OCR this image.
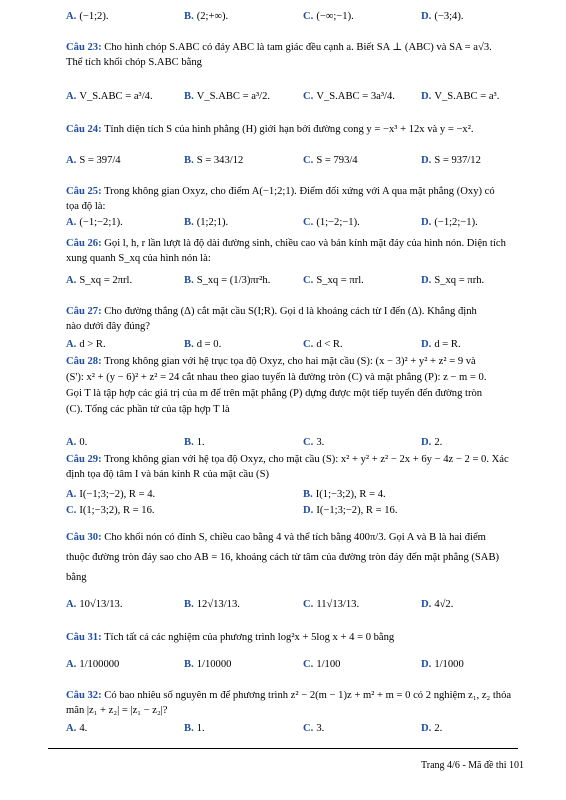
A. (−1;2).	B. (2;+∞).	C. (−∞;−1).	D. (−3;4).
Câu 23: Cho hình chóp S.ABC có đáy ABC là tam giác đều cạnh a. Biết SA ⊥ (ABC) và SA = a√3.
Thể tích khối chóp S.ABC bằng
A. V_S.ABC = a³/4.	B. V_S.ABC = a³/2.	C. V_S.ABC = 3a³/4. D. V_S.ABC = a³.
Câu 24: Tính diện tích S của hình phẳng (H) giới hạn bởi đường cong y = −x³ + 12x và y = −x².
A. S = 397/4	B. S = 343/12	C. S = 793/4	D. S = 937/12
Câu 25: Trong không gian Oxyz, cho điểm A(−1;2;1). Điểm đối xứng với A qua mặt phẳng (Oxy) có
tọa độ là:
A. (−1;−2;1).	B. (1;2;1).	C. (1;−2;−1).	D. (−1;2;−1).
Câu 26: Gọi l, h, r lần lượt là độ dài đường sinh, chiều cao và bán kính mặt đáy của hình nón. Diện tích
xung quanh S_xq của hình nón là:
A. S_xq = 2πrl.	B. S_xq = (1/3)πr²h.	C. S_xq = πrl.	D. S_xq = πrh.
Câu 27: Cho đường thẳng (Δ) cắt mặt cầu S(I;R). Gọi d là khoảng cách từ I đến (Δ). Khẳng định
nào dưới đây đúng?
A. d > R.	B. d = 0.	C. d < R.	D. d = R.
Câu 28: Trong không gian với hệ trục tọa độ Oxyz, cho hai mặt cầu (S): (x − 3)² + y² + z² = 9 và
(S'): x² + (y − 6)² + z² = 24 cắt nhau theo giao tuyến là đường tròn (C) và mặt phẳng (P): z − m = 0.
Gọi T là tập hợp các giá trị của m để trên mặt phẳng (P) dựng được một tiếp tuyến đến đường tròn
(C). Tổng các phần tử của tập hợp T là
A. 0.	B. 1.	C. 3.	D. 2.
Câu 29: Trong không gian với hệ tọa độ Oxyz, cho mặt cầu (S): x² + y² + z² − 2x + 6y − 4z − 2 = 0. Xác
định tọa độ tâm I và bán kính R của mặt cầu (S)
A. I(−1;3;−2), R = 4.	B. I(1;−3;2), R = 4.
C. I(1;−3;2), R = 16.	D. I(−1;3;−2), R = 16.
Câu 30: Cho khối nón có đỉnh S, chiều cao bằng 4 và thể tích bằng 400π/3. Gọi A và B là hai điểm
thuộc đường tròn đáy sao cho AB = 16, khoảng cách từ tâm của đường tròn đáy đến mặt phẳng (SAB)
bằng
A. 10√13/13.	B. 12√13/13.	C. 11√13/13.	D. 4√2.
Câu 31: Tích tất cả các nghiệm của phương trình log²x + 5log x + 4 = 0 bằng
A. 1/100000	B. 1/10000	C. 1/100	D. 1/1000
Câu 32: Có bao nhiêu số nguyên m để phương trình z² − 2(m − 1)z + m² + m = 0 có 2 nghiệm z₁, z₂ thỏa
mãn |z₁ + z₂| = |z₁ − z₂|?
A. 4.	B. 1.	C. 3.	D. 2.
Trang 4/6 - Mã đề thi 101
